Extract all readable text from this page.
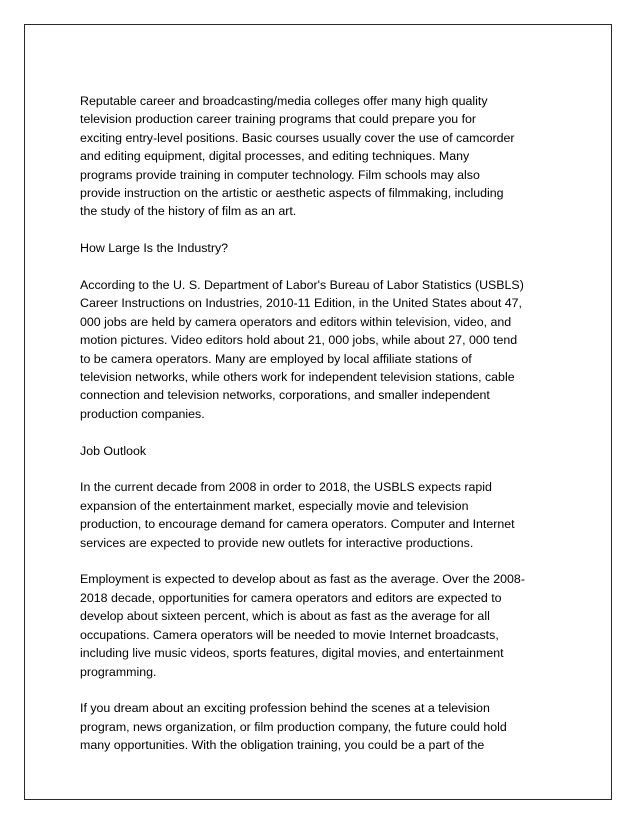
Reputable career and broadcasting/media colleges offer many high quality
television production career training programs that could prepare you for
exciting entry-level positions. Basic courses usually cover the use of camcorder
and editing equipment, digital processes, and editing techniques. Many
programs provide training in computer technology. Film schools may also
provide instruction on the artistic or aesthetic aspects of filmmaking, including
the study of the history of film as an art.

How Large Is the Industry?

According to the U. S. Department of Labor's Bureau of Labor Statistics (USBLS)
Career Instructions on Industries, 2010-11 Edition, in the United States about 47,
000 jobs are held by camera operators and editors within television, video, and
motion pictures. Video editors hold about 21, 000 jobs, while about 27, 000 tend
to be camera operators. Many are employed by local affiliate stations of
television networks, while others work for independent television stations, cable
connection and television networks, corporations, and smaller independent
production companies.

Job Outlook

In the current decade from 2008 in order to 2018, the USBLS expects rapid
expansion of the entertainment market, especially movie and television
production, to encourage demand for camera operators. Computer and Internet
services are expected to provide new outlets for interactive productions.

Employment is expected to develop about as fast as the average. Over the 2008-
2018 decade, opportunities for camera operators and editors are expected to
develop about sixteen percent, which is about as fast as the average for all
occupations. Camera operators will be needed to movie Internet broadcasts,
including live music videos, sports features, digital movies, and entertainment
programming.

If you dream about an exciting profession behind the scenes at a television
program, news organization, or film production company, the future could hold
many opportunities. With the obligation training, you could be a part of the
